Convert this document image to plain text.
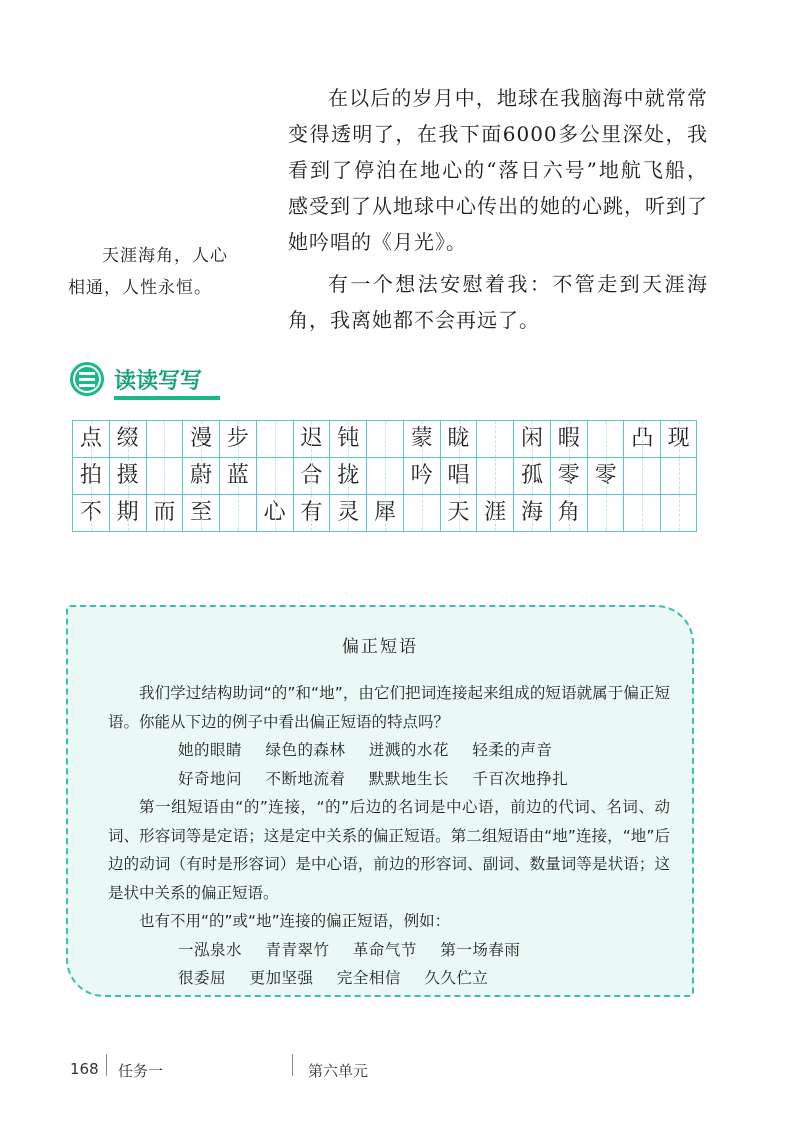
在以后的岁月中，地球在我脑海中就常常变得透明了，在我下面6000多公里深处，我看到了停泊在地心的“落日六号”地航飞船，感受到了从地球中心传出的她的心跳，听到了她吟唱的《月光》。

有一个想法安慰着我：不管走到天涯海角，我离她都不会再远了。

天涯海角，人心
相通，人性永恒。
读读写写
点 缀	漫 步	迟 钝	蒙 眬	闲 暇	凸 现
拍 摄	蔚 蓝	合 拢	吟 唱	孤 零 零
不 期 而 至	心 有 灵 犀	天 涯 海 角
偏正短语

我们学过结构助词“的”和“地”，由它们把词连接起来组成的短语就属于偏正短语。你能从下边的例子中看出偏正短语的特点吗？

她的眼睛 绿色的森林 迸溅的水花 轻柔的声音
好奇地问 不断地流着 默默地生长 千百次地挣扎

第一组短语由“的”连接，“的”后边的名词是中心语，前边的代词、名词、动词、形容词等是定语；这是定中关系的偏正短语。第二组短语由“地”连接，“地”后边的动词（有时是形容词）是中心语，前边的形容词、副词、数量词等是状语；这是状中关系的偏正短语。

也有不用“的”或“地”连接的偏正短语，例如：

一泓泉水 青青翠竹 革命气节 第一场春雨
很委屈 更加坚强 完全相信 久久伫立
168 任务一	第六单元
